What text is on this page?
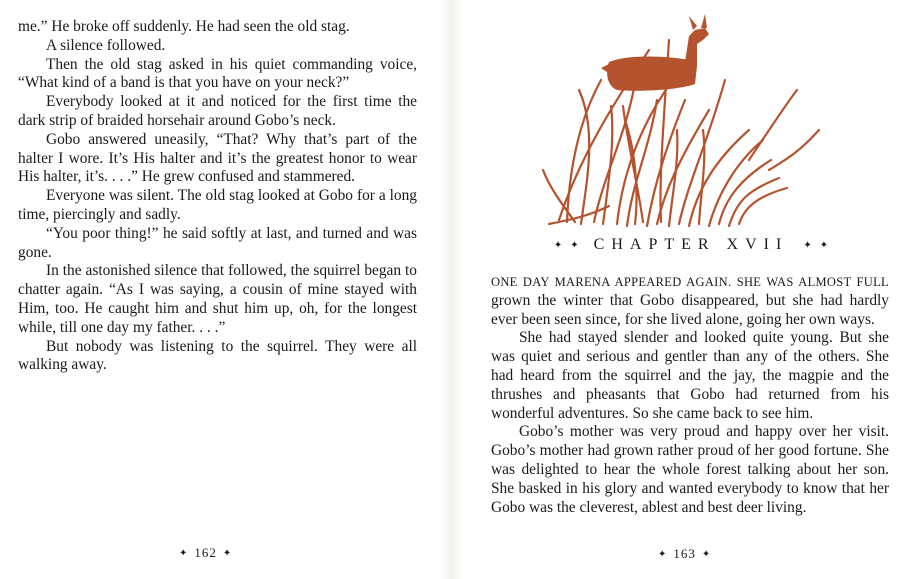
me.” He broke off suddenly. He had seen the old stag.

A silence followed.

Then the old stag asked in his quiet commanding voice, “What kind of a band is that you have on your neck?”

Everybody looked at it and noticed for the first time the dark strip of braided horsehair around Gobo’s neck.

Gobo answered uneasily, “That? Why that’s part of the halter I wore. It’s His halter and it’s the greatest honor to wear His halter, it’s. . . .” He grew confused and stammered.

Everyone was silent. The old stag looked at Gobo for a long time, piercingly and sadly.

“You poor thing!” he said softly at last, and turned and was gone.

In the astonished silence that followed, the squirrel began to chatter again. “As I was saying, a cousin of mine stayed with Him, too. He caught him and shut him up, oh, for the longest while, till one day my father. . . .”

But nobody was listening to the squirrel. They were all walking away.

✦ 162 ✦
✦ ✦ CHAPTER XVII ✦ ✦

ONE DAY MARENA APPEARED AGAIN. SHE WAS ALMOST FULL grown the winter that Gobo disappeared, but she had hardly ever been seen since, for she lived alone, going her own ways.

She had stayed slender and looked quite young. But she was quiet and serious and gentler than any of the others. She had heard from the squirrel and the jay, the magpie and the thrushes and pheasants that Gobo had returned from his wonderful adventures. So she came back to see him.

Gobo’s mother was very proud and happy over her visit. Gobo’s mother had grown rather proud of her good fortune. She was delighted to hear the whole forest talking about her son. She basked in his glory and wanted everybody to know that her Gobo was the cleverest, ablest and best deer living.

✦ 163 ✦
